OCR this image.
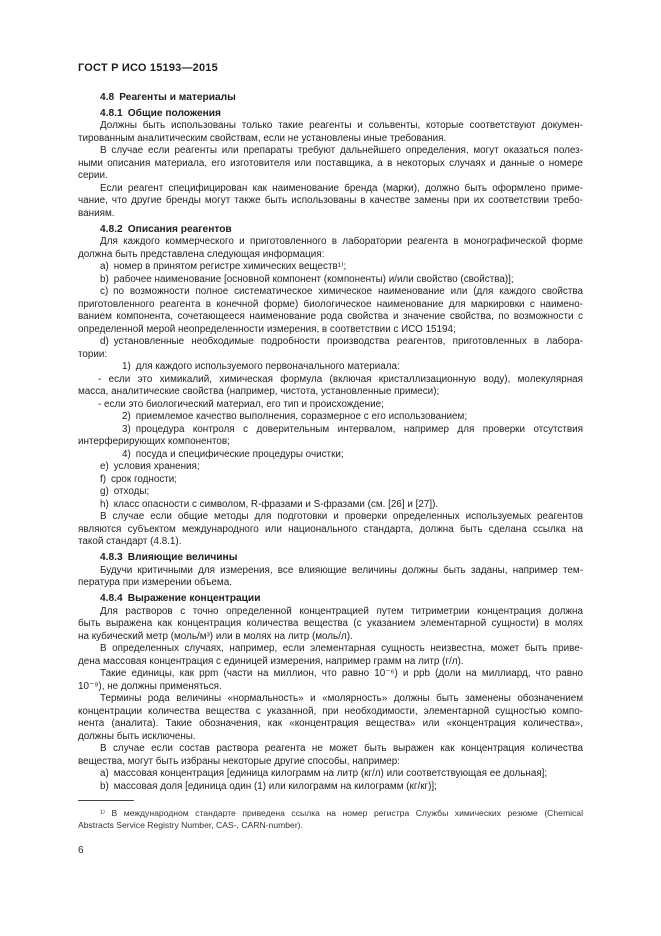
ГОСТ Р ИСО 15193—2015
4.8 Реагенты и материалы
4.8.1 Общие положения
Должны быть использованы только такие реагенты и сольвенты, которые соответствуют докумен-
тированным аналитическим свойствам, если не установлены иные требования.
В случае если реагенты или препараты требуют дальнейшего определения, могут оказаться полез-
ными описания материала, его изготовителя или поставщика, а в некоторых случаях и данные о номере
серии.
Если реагент специфицирован как наименование бренда (марки), должно быть оформлено приме-
чание, что другие бренды могут также быть использованы в качестве замены при их соответствии требо-
ваниям.
4.8.2 Описания реагентов
Для каждого коммерческого и приготовленного в лаборатории реагента в монографической форме
должна быть представлена следующая информация:
a) номер в принятом регистре химических веществ¹⁾;
b) рабочее наименование [основной компонент (компоненты) и/или свойство (свойства)];
c) по возможности полное систематическое химическое наименование или (для каждого свойства
приготовленного реагента в конечной форме) биологическое наименование для маркировки с наимено-
ванием компонента, сочетающееся наименование рода свойства и значение свойства, по возможности с
определенной мерой неопределенности измерения, в соответствии с ИСО 15194;
d) установленные необходимые подробности производства реагентов, приготовленных в лабора-
тории:
1) для каждого используемого первоначального материала:
- если это химикалий, химическая формула (включая кристаллизационную воду), молекулярная
масса, аналитические свойства (например, чистота, установленные примеси);
- если это биологический материал, его тип и происхождение;
2) приемлемое качество выполнения, соразмерное с его использованием;
3) процедура контроля с доверительным интервалом, например для проверки отсутствия
интерферирующих компонентов;
4) посуда и специфические процедуры очистки;
e) условия хранения;
f) срок годности;
g) отходы;
h) класс опасности с символом, R-фразами и S-фразами (см. [26] и [27]).
В случае если общие методы для подготовки и проверки определенных используемых реагентов
являются субъектом международного или национального стандарта, должна быть сделана ссылка на
такой стандарт (4.8.1).
4.8.3 Влияющие величины
Будучи критичными для измерения, все влияющие величины должны быть заданы, например тем-
пература при измерении объема.
4.8.4 Выражение концентрации
Для растворов с точно определенной концентрацией путем титриметрии концентрация должна
быть выражена как концентрация количества вещества (с указанием элементарной сущности) в молях
на кубический метр (моль/м³) или в молях на литр (моль/л).
В определенных случаях, например, если элементарная сущность неизвестна, может быть приве-
дена массовая концентрация с единицей измерения, например грамм на литр (г/л).
Такие единицы, как ppm (части на миллион, что равно 10⁻⁶) и ppb (доли на миллиард, что равно
10⁻⁹), не должны применяться.
Термины рода величины «нормальность» и «молярность» должны быть заменены обозначением
концентрации количества вещества с указанной, при необходимости, элементарной сущностью компо-
нента (аналита). Такие обозначения, как «концентрация вещества» или «концентрация количества»,
должны быть исключены.
В случае если состав раствора реагента не может быть выражен как концентрация количества
вещества, могут быть избраны некоторые другие способы, например:
a) массовая концентрация [единица килограмм на литр (кг/л) или соответствующая ее дольная];
b) массовая доля [единица один (1) или килограмм на килограмм (кг/кг)];
¹⁾ В международном стандарте приведена ссылка на номер регистра Службы химических резюме (Chemical
Abstracts Service Registry Number, CAS-, CARN-number).
6
